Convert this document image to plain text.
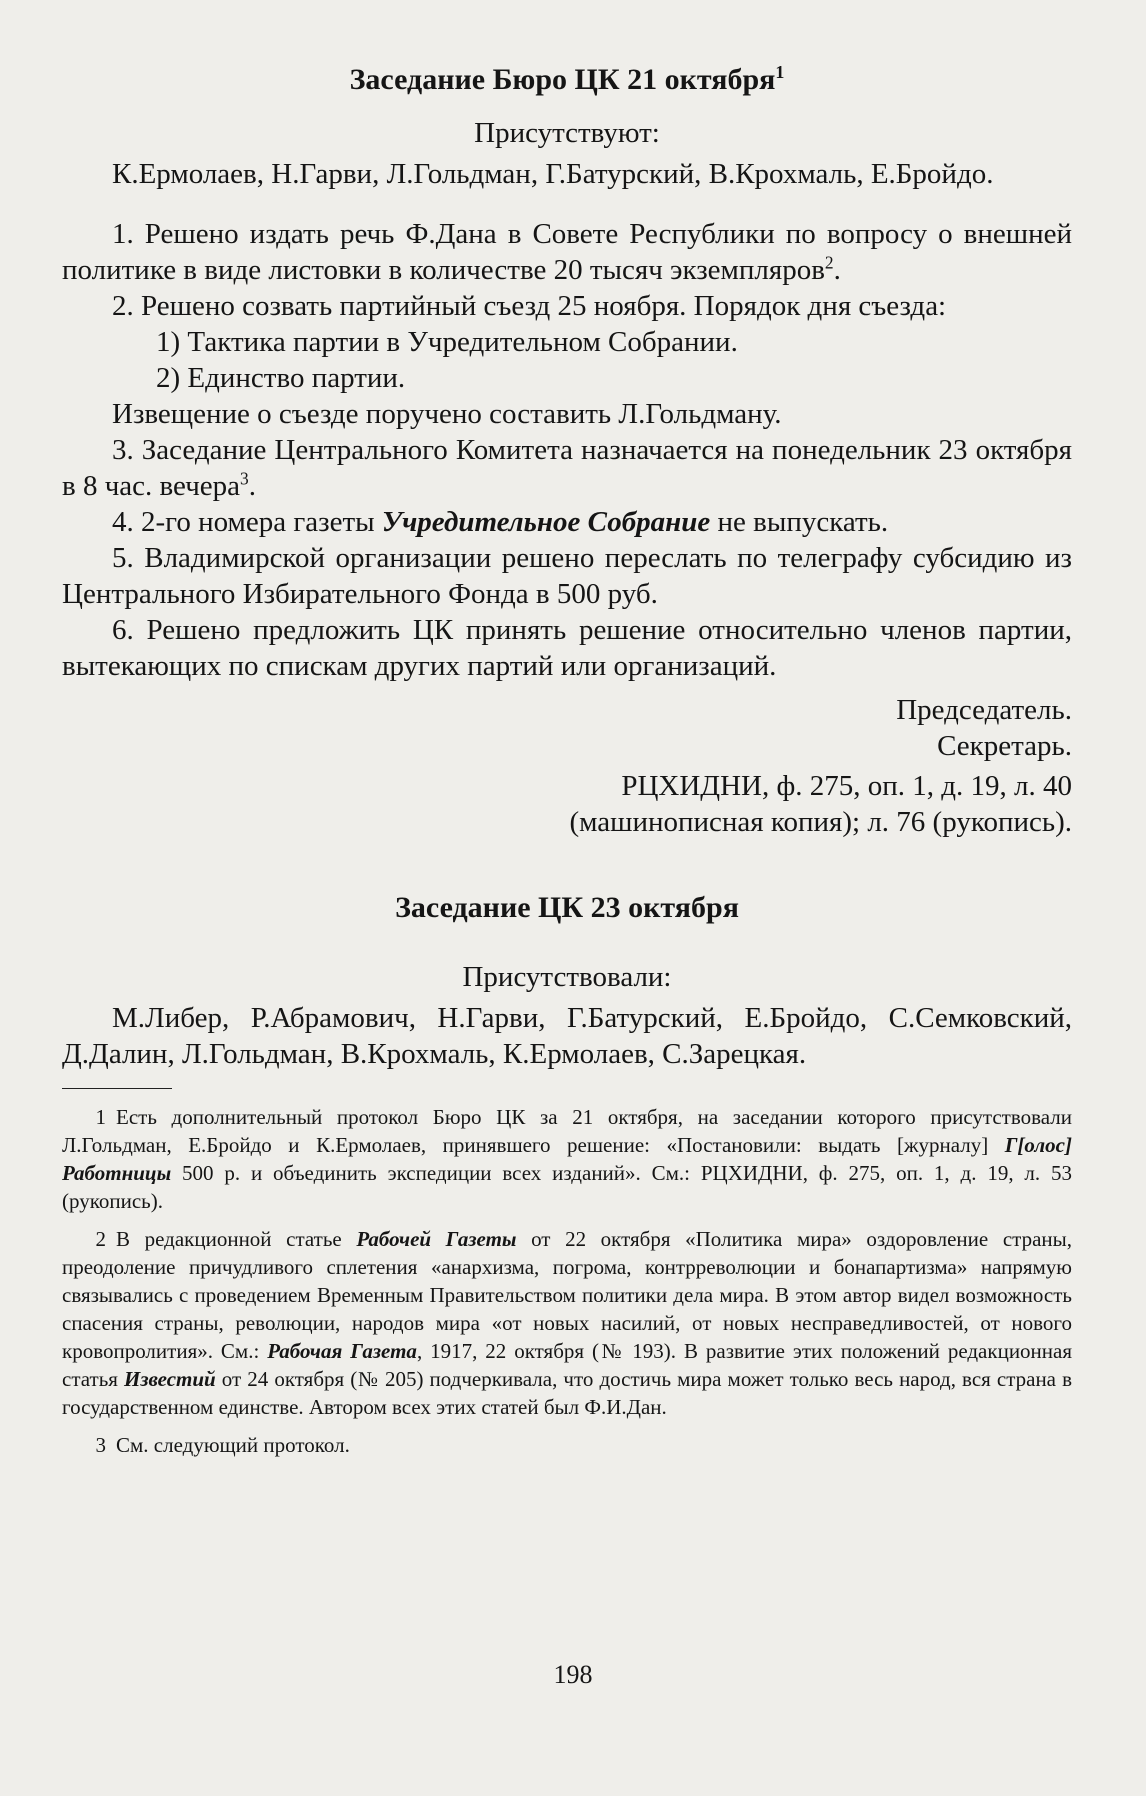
Заседание Бюро ЦК 21 октября$^1$
Присутствуют:

К.Ермолаев, Н.Гарви, Л.Гольдман, Г.Батурский, В.Крохмаль, Е.Бройдо.

1. Решено издать речь Ф.Дана в Совете Республики по вопросу о внешней политике в виде листовки в количестве 20 тысяч экземпляров$^2$.

2. Решено созвать партийный съезд 25 ноября. Порядок дня съезда:

1) Тактика партии в Учредительном Собрании.

2) Единство партии.

Извещение о съезде поручено составить Л.Гольдману.

3. Заседание Центрального Комитета назначается на понедельник 23 октября в 8 час. вечера$^3$.

4. 2-го номера газеты Учредительное Собрание не выпускать.

5. Владимирской организации решено переслать по телеграфу субсидию из Центрального Избирательного Фонда в 500 руб.

6. Решено предложить ЦК принять решение относительно членов партии, вытекающих по спискам других партий или организаций.

Председатель.
Секретарь.
РЦХИДНИ, ф. 275, оп. 1, д. 19, л. 40
(машинописная копия); л. 76 (рукопись).
Заседание ЦК 23 октября
Присутствовали:

М.Либер, Р.Абрамович, Н.Гарви, Г.Батурский, Е.Бройдо, С.Семковский, Д.Далин, Л.Гольдман, В.Крохмаль, К.Ермолаев, С.Зарецкая.

1 Есть дополнительный протокол Бюро ЦК за 21 октября, на заседании которого присутствовали Л.Гольдман, Е.Бройдо и К.Ермолаев, принявшего решение: «Постановили: выдать [журналу] Г[олос] Работницы 500 р. и объединить экспедиции всех изданий». См.: РЦХИДНИ, ф. 275, оп. 1, д. 19, л. 53 (рукопись).

2 В редакционной статье Рабочей Газеты от 22 октября «Политика мира» оздоровление страны, преодоление причудливого сплетения «анархизма, погрома, контрреволюции и бонапартизма» напрямую связывались с проведением Временным Правительством политики дела мира. В этом автор видел возможность спасения страны, революции, народов мира «от новых насилий, от новых несправедливостей, от нового кровопролития». См.: Рабочая Газета, 1917, 22 октября (№ 193). В развитие этих положений редакционная статья Известий от 24 октября (№ 205) подчеркивала, что достичь мира может только весь народ, вся страна в государственном единстве. Автором всех этих статей был Ф.И.Дан.

3 См. следующий протокол.

198
